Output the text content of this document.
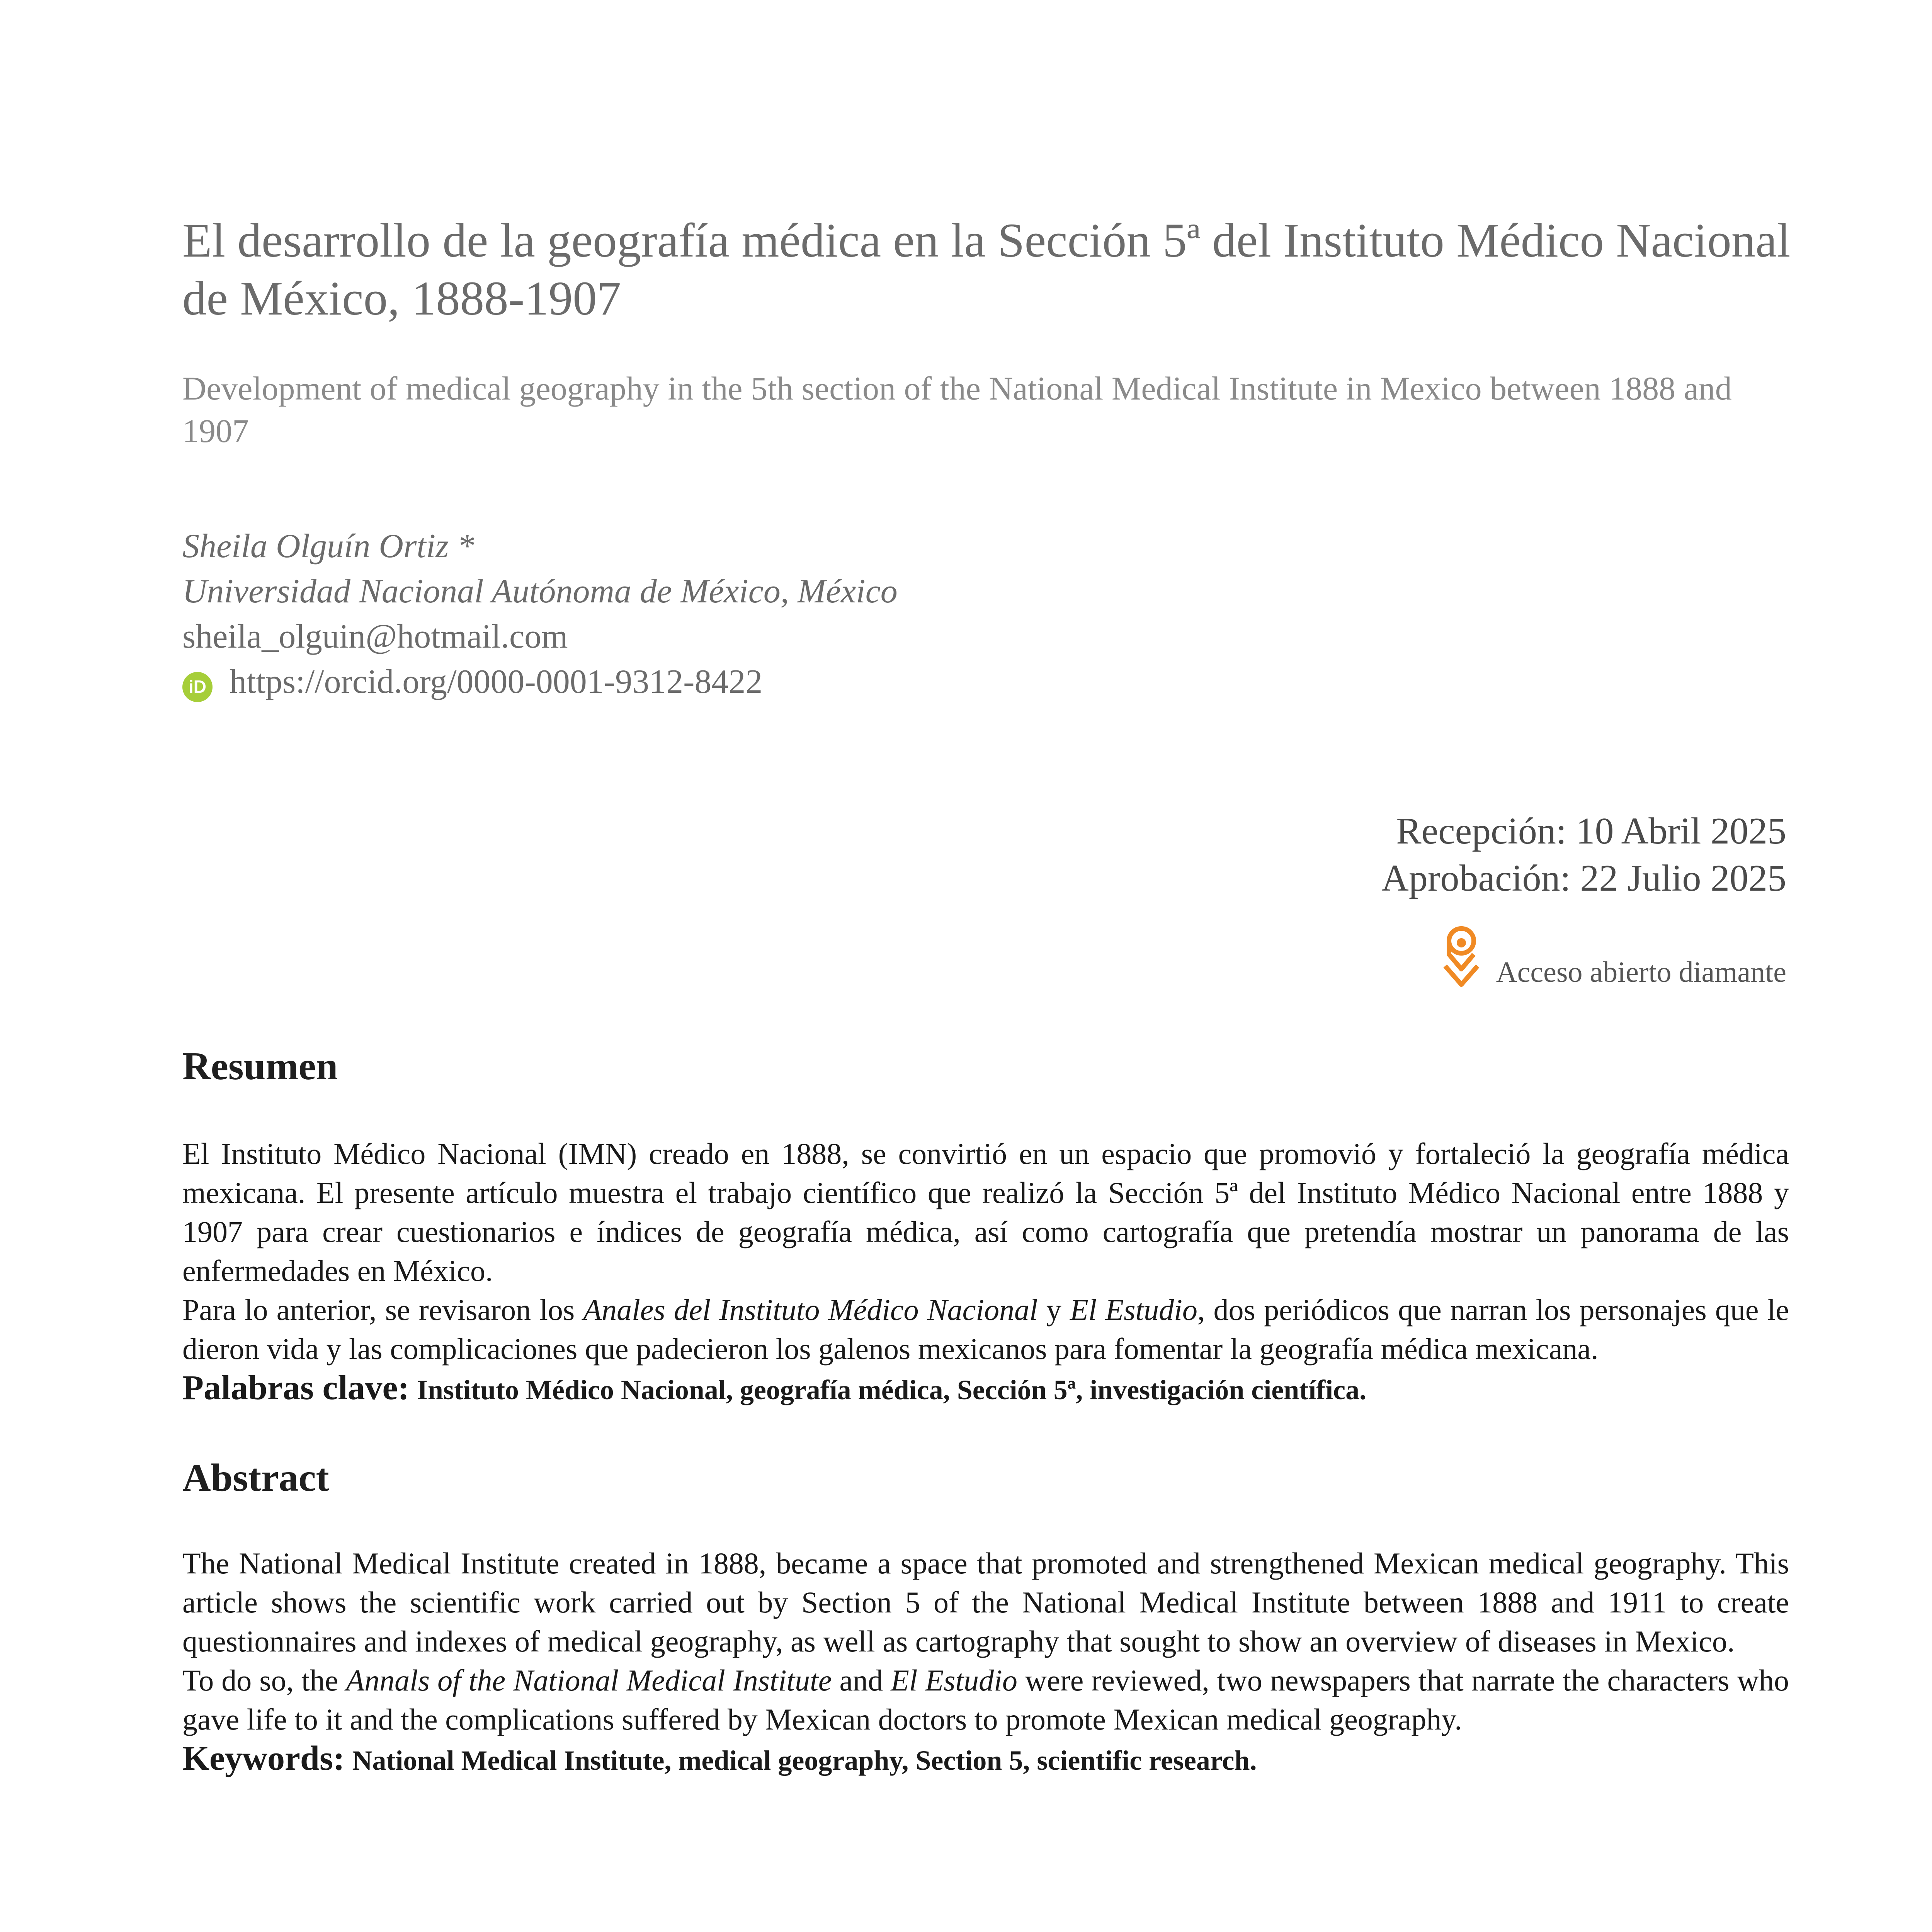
El desarrollo de la geografía médica en la Sección 5ª del Instituto Médico Nacional de México, 1888-1907
Development of medical geography in the 5th section of the National Medical Institute in Mexico between 1888 and 1907
Sheila Olguín Ortiz *
Universidad Nacional Autónoma de México, México
sheila_olguin@hotmail.com
iD https://orcid.org/0000-0001-9312-8422
Recepción: 10 Abril 2025
Aprobación: 22 Julio 2025
Acceso abierto diamante
Resumen

El Instituto Médico Nacional (IMN) creado en 1888, se convirtió en un espacio que promovió y fortaleció la geografía médica mexicana. El presente artículo muestra el trabajo científico que realizó la Sección 5ª del Instituto Médico Nacional entre 1888 y 1907 para crear cuestionarios e índices de geografía médica, así como cartografía que pretendía mostrar un panorama de las enfermedades en México.

Para lo anterior, se revisaron los Anales del Instituto Médico Nacional y El Estudio, dos periódicos que narran los personajes que le dieron vida y las complicaciones que padecieron los galenos mexicanos para fomentar la geografía médica mexicana.

Palabras clave: Instituto Médico Nacional, geografía médica, Sección 5ª, investigación científica.

Abstract

The National Medical Institute created in 1888, became a space that promoted and strengthened Mexican medical geography. This article shows the scientific work carried out by Section 5 of the National Medical Institute between 1888 and 1911 to create questionnaires and indexes of medical geography, as well as cartography that sought to show an overview of diseases in Mexico.

To do so, the Annals of the National Medical Institute and El Estudio were reviewed, two newspapers that narrate the characters who gave life to it and the complications suffered by Mexican doctors to promote Mexican medical geography.

Keywords: National Medical Institute, medical geography, Section 5, scientific research.
